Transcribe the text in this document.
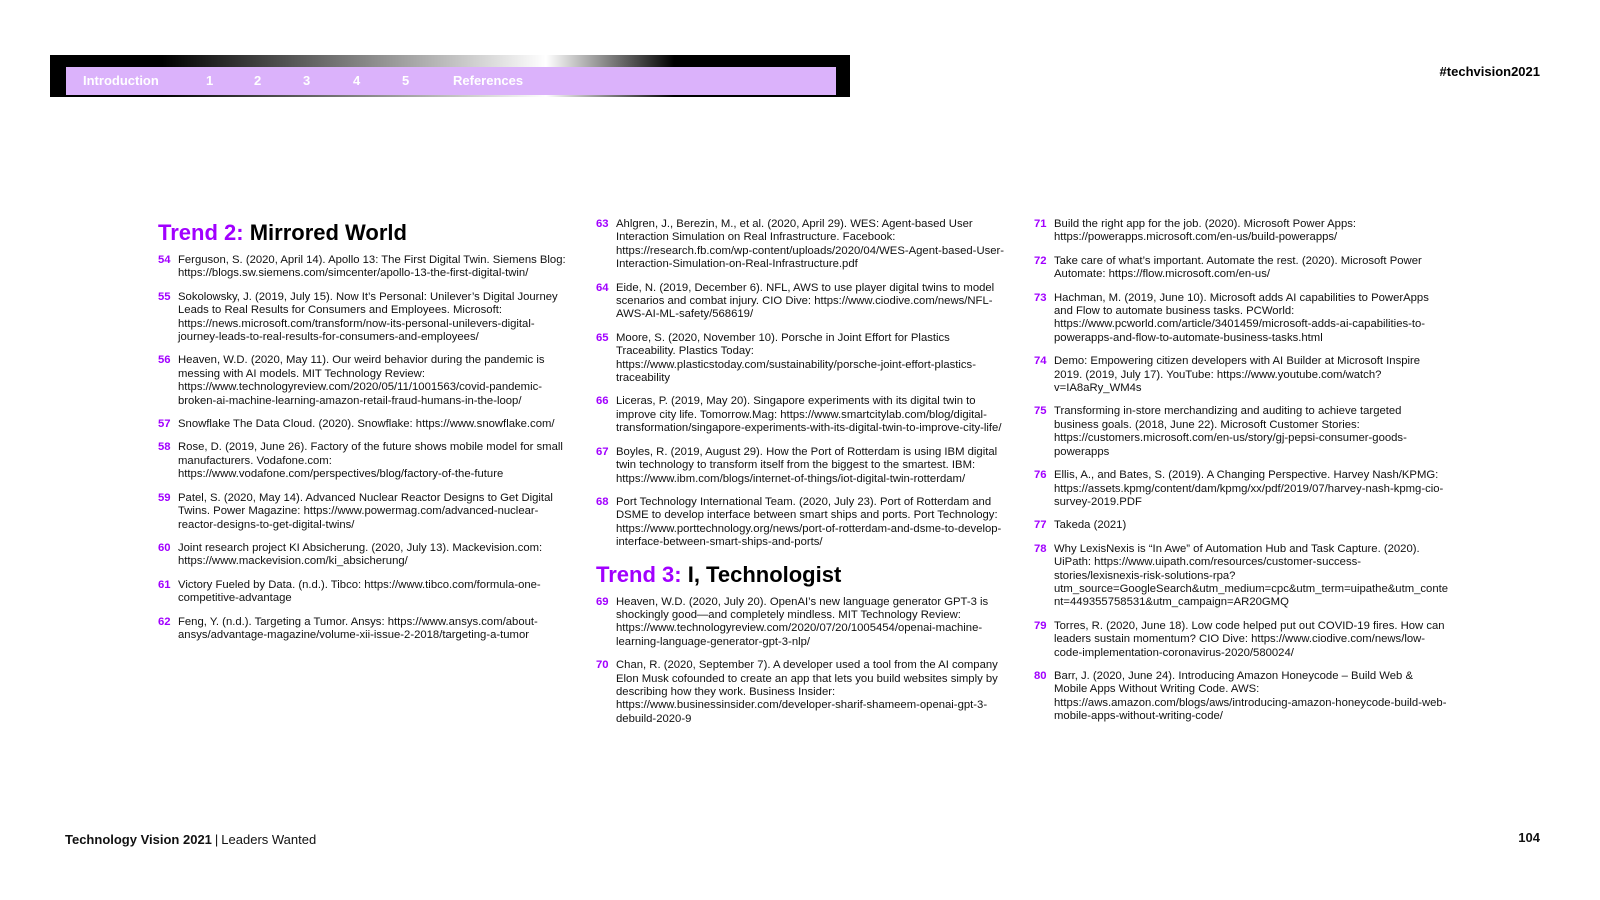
Introduction	1	2	3	4	5	References
#techvision2021
Trend 2: Mirrored World
54 Ferguson, S. (2020, April 14). Apollo 13: The First Digital Twin. Siemens Blog: https://blogs.sw.siemens.com/simcenter/apollo-13-the-first-digital-twin/
55 Sokolowsky, J. (2019, July 15). Now It’s Personal: Unilever’s Digital Journey Leads to Real Results for Consumers and Employees. Microsoft: https://news.microsoft.com/transform/now-its-personal-unilevers-digital-journey-leads-to-real-results-for-consumers-and-employees/
56 Heaven, W.D. (2020, May 11). Our weird behavior during the pandemic is messing with AI models. MIT Technology Review: https://www.technologyreview.com/2020/05/11/1001563/covid-pandemic-broken-ai-machine-learning-amazon-retail-fraud-humans-in-the-loop/
57 Snowflake The Data Cloud. (2020). Snowflake: https://www.snowflake.com/
58 Rose, D. (2019, June 26). Factory of the future shows mobile model for small manufacturers. Vodafone.com: https://www.vodafone.com/perspectives/blog/factory-of-the-future
59 Patel, S. (2020, May 14). Advanced Nuclear Reactor Designs to Get Digital Twins. Power Magazine: https://www.powermag.com/advanced-nuclear-reactor-designs-to-get-digital-twins/
60 Joint research project KI Absicherung. (2020, July 13). Mackevision.com: https://www.mackevision.com/ki_absicherung/
61 Victory Fueled by Data. (n.d.). Tibco: https://www.tibco.com/formula-one-competitive-advantage
62 Feng, Y. (n.d.). Targeting a Tumor. Ansys: https://www.ansys.com/about-ansys/advantage-magazine/volume-xii-issue-2-2018/targeting-a-tumor
63 Ahlgren, J., Berezin, M., et al. (2020, April 29). WES: Agent-based User Interaction Simulation on Real Infrastructure. Facebook: https://research.fb.com/wp-content/uploads/2020/04/WES-Agent-based-User-Interaction-Simulation-on-Real-Infrastructure.pdf
64 Eide, N. (2019, December 6). NFL, AWS to use player digital twins to model scenarios and combat injury. CIO Dive: https://www.ciodive.com/news/NFL-AWS-AI-ML-safety/568619/
65 Moore, S. (2020, November 10). Porsche in Joint Effort for Plastics Traceability. Plastics Today: https://www.plasticstoday.com/sustainability/porsche-joint-effort-plastics-traceability
66 Liceras, P. (2019, May 20). Singapore experiments with its digital twin to improve city life. Tomorrow.Mag: https://www.smartcitylab.com/blog/digital-transformation/singapore-experiments-with-its-digital-twin-to-improve-city-life/
67 Boyles, R. (2019, August 29). How the Port of Rotterdam is using IBM digital twin technology to transform itself from the biggest to the smartest. IBM: https://www.ibm.com/blogs/internet-of-things/iot-digital-twin-rotterdam/
68 Port Technology International Team. (2020, July 23). Port of Rotterdam and DSME to develop interface between smart ships and ports. Port Technology: https://www.porttechnology.org/news/port-of-rotterdam-and-dsme-to-develop-interface-between-smart-ships-and-ports/
Trend 3: I, Technologist
69 Heaven, W.D. (2020, July 20). OpenAI’s new language generator GPT-3 is shockingly good—and completely mindless. MIT Technology Review: https://www.technologyreview.com/2020/07/20/1005454/openai-machine-learning-language-generator-gpt-3-nlp/
70 Chan, R. (2020, September 7). A developer used a tool from the AI company Elon Musk cofounded to create an app that lets you build websites simply by describing how they work. Business Insider: https://www.businessinsider.com/developer-sharif-shameem-openai-gpt-3-debuild-2020-9
71 Build the right app for the job. (2020). Microsoft Power Apps: https://powerapps.microsoft.com/en-us/build-powerapps/
72 Take care of what’s important. Automate the rest. (2020). Microsoft Power Automate: https://flow.microsoft.com/en-us/
73 Hachman, M. (2019, June 10). Microsoft adds AI capabilities to PowerApps and Flow to automate business tasks. PCWorld: https://www.pcworld.com/article/3401459/microsoft-adds-ai-capabilities-to-powerapps-and-flow-to-automate-business-tasks.html
74 Demo: Empowering citizen developers with AI Builder at Microsoft Inspire 2019. (2019, July 17). YouTube: https://www.youtube.com/watch?v=IA8aRy_WM4s
75 Transforming in-store merchandizing and auditing to achieve targeted business goals. (2018, June 22). Microsoft Customer Stories: https://customers.microsoft.com/en-us/story/gj-pepsi-consumer-goods-powerapps
76 Ellis, A., and Bates, S. (2019). A Changing Perspective. Harvey Nash/KPMG: https://assets.kpmg/content/dam/kpmg/xx/pdf/2019/07/harvey-nash-kpmg-cio-survey-2019.PDF
77 Takeda (2021)
78 Why LexisNexis is “In Awe” of Automation Hub and Task Capture. (2020). UiPath: https://www.uipath.com/resources/customer-success-stories/lexisnexis-risk-solutions-rpa?utm_source=GoogleSearch&utm_medium=cpc&utm_term=uipathe&utm_content=449355758531&utm_campaign=AR20GMQ
79 Torres, R. (2020, June 18). Low code helped put out COVID-19 fires. How can leaders sustain momentum? CIO Dive: https://www.ciodive.com/news/low-code-implementation-coronavirus-2020/580024/
80 Barr, J. (2020, June 24). Introducing Amazon Honeycode – Build Web & Mobile Apps Without Writing Code. AWS: https://aws.amazon.com/blogs/aws/introducing-amazon-honeycode-build-web-mobile-apps-without-writing-code/
Technology Vision 2021 | Leaders Wanted	104
